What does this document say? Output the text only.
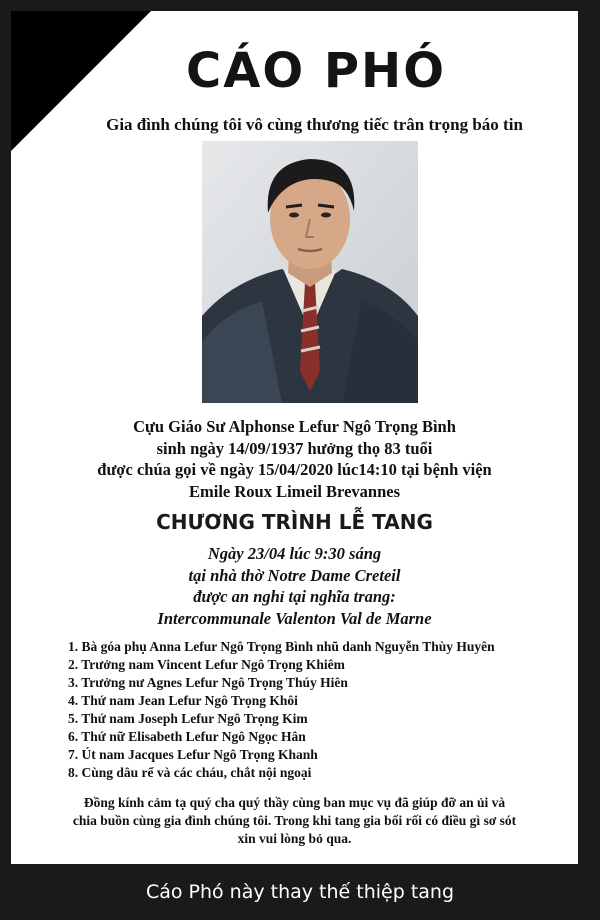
CÁO PHÓ
Gia đình chúng tôi vô cùng thương tiếc trân trọng báo tin
Cựu Giáo Sư Alphonse Lefur Ngô Trọng Bình
sinh ngày 14/09/1937 hưởng thọ 83 tuổi
được chúa gọi về ngày 15/04/2020 lúc14:10 tại bệnh viện
Emile Roux Limeil Brevannes
CHƯƠNG TRÌNH LỄ TANG
Ngày 23/04 lúc 9:30 sáng
tại nhà thờ Notre Dame Creteil
được an nghỉ tại nghĩa trang:
Intercommunale Valenton Val de Marne
1. Bà góa phụ Anna Lefur Ngô Trọng Bình nhũ danh Nguyễn Thùy Huyên
2. Trưởng nam Vincent Lefur Ngô Trọng Khiêm
3. Trưởng nư Agnes Lefur Ngô Trọng Thúy Hiên
4. Thứ nam Jean Lefur Ngô Trọng Khôi
5. Thứ nam Joseph Lefur Ngô Trọng Kim
6. Thứ nữ Elisabeth Lefur Ngô Ngọc Hân
7. Út nam Jacques Lefur Ngô Trọng Khanh
8. Cùng dâu rể và các cháu, chắt nội ngoại
Đồng kính cảm tạ quý cha quý thầy cùng ban mục vụ đã giúp đỡ an ủi và
chia buồn cùng gia đình chúng tôi. Trong khi tang gia bối rối có điều gì sơ sót
xin vui lòng bỏ qua.
Cáo Phó này thay thế thiệp tang
